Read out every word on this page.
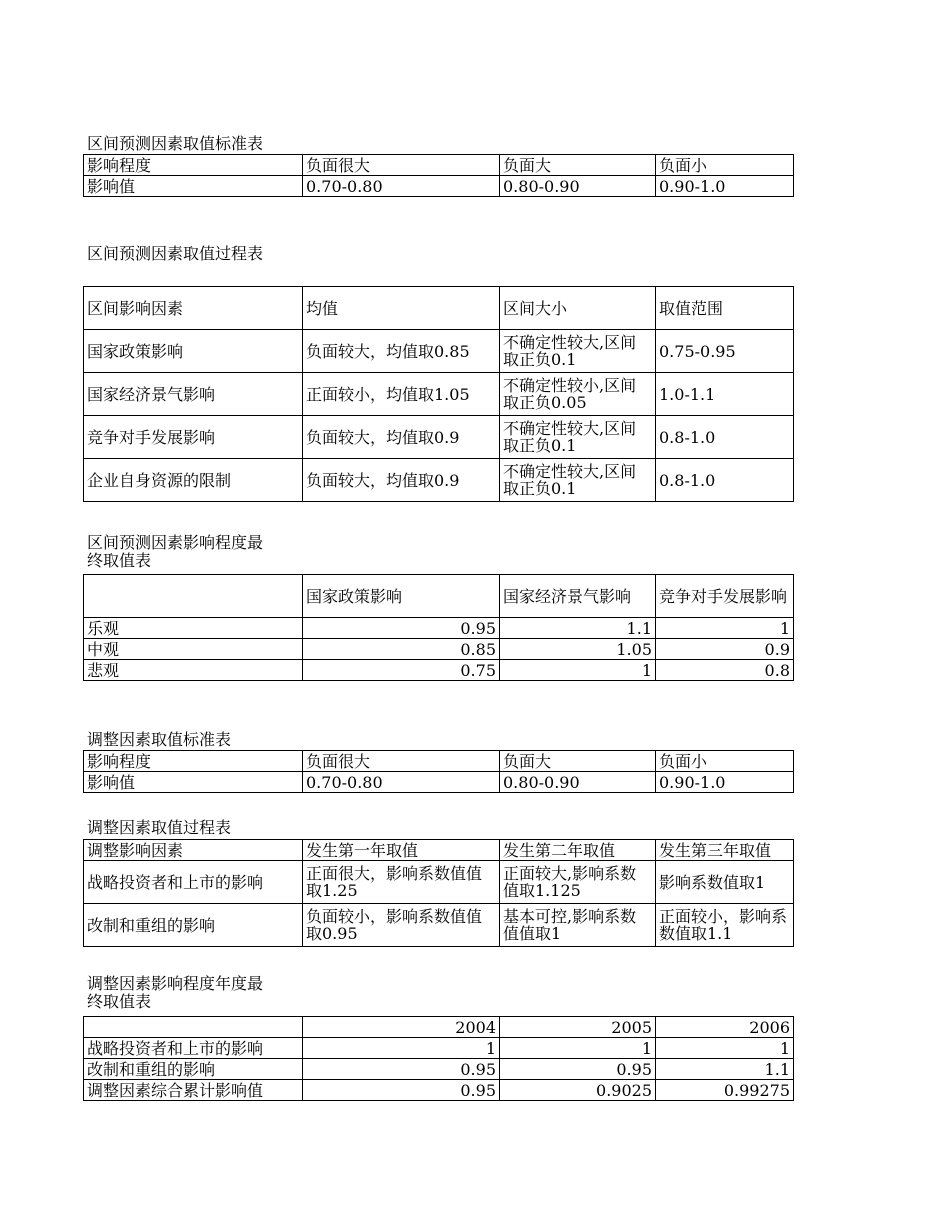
区间预测因素取值标准表
影响程度	负面很大	负面大	负面小
影响值	0.70-0.80	0.80-0.90	0.90-1.0
区间预测因素取值过程表
区间影响因素	均值	区间大小	取值范围
国家政策影响	负面较大，均值取0.85	不确定性较大,区间取正负0.1	0.75-0.95
国家经济景气影响	正面较小，均值取1.05	不确定性较小,区间取正负0.05	1.0-1.1
竞争对手发展影响	负面较大，均值取0.9	不确定性较大,区间取正负0.1	0.8-1.0
企业自身资源的限制	负面较大，均值取0.9	不确定性较大,区间取正负0.1	0.8-1.0
区间预测因素影响程度最
终取值表
	国家政策影响	国家经济景气影响	竞争对手发展影响
乐观	0.95	1.1	1
中观	0.85	1.05	0.9
悲观	0.75	1	0.8
调整因素取值标准表
影响程度	负面很大	负面大	负面小
影响值	0.70-0.80	0.80-0.90	0.90-1.0
调整因素取值过程表
调整影响因素	发生第一年取值	发生第二年取值	发生第三年取值
战略投资者和上市的影响	正面很大，影响系数值值取1.25	正面较大,影响系数值取1.125	影响系数值取1
改制和重组的影响	负面较小，影响系数值值取0.95	基本可控,影响系数值值取1	正面较小，影响系数值取1.1
调整因素影响程度年度最
终取值表
	2004	2005	2006
战略投资者和上市的影响	1	1	1
改制和重组的影响	0.95	0.95	1.1
调整因素综合累计影响值	0.95	0.9025	0.99275
